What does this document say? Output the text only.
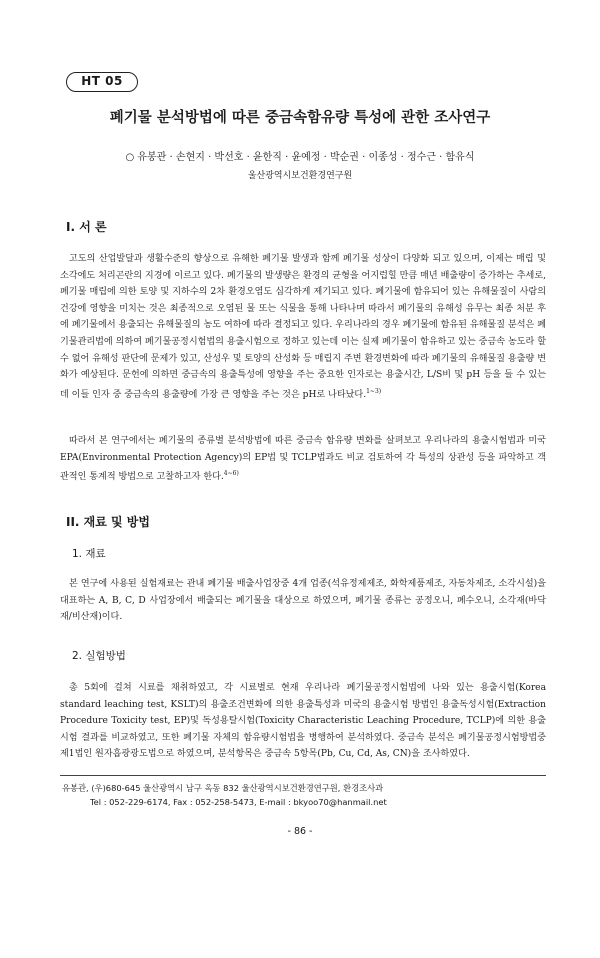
HT 05
폐기물 분석방법에 따른 중금속함유량 특성에 관한 조사연구
○ 유봉관 · 손현지 · 박선호 · 윤한직 · 윤예정 · 박순권 · 이종성 · 정수근 · 함유식
울산광역시보건환경연구원
I. 서 론

고도의 산업발달과 생활수준의 향상으로 유해한 폐기물 발생과 함께 폐기물 성상이 다양화 되고 있으며, 이제는 매립 및 소각에도 처리곤란의 지경에 이르고 있다. 폐기물의 발생량은 환경의 균형을 어지럽힐 만큼 매년 배출량이 증가하는 추세로, 폐기물 매립에 의한 토양 및 지하수의 2차 환경오염도 심각하게 제기되고 있다. 폐기물에 함유되어 있는 유해물질이 사람의 건강에 영향을 미치는 것은 최종적으로 오염된 물 또는 식물을 통해 나타나며 따라서 폐기물의 유해성 유무는 최종 처분 후에 폐기물에서 용출되는 유해물질의 농도 여하에 따라 결정되고 있다. 우리나라의 경우 폐기물에 함유된 유해물질 분석은 폐기물관리법에 의하여 폐기물공정시험법의 용출시험으로 정하고 있는데 이는 실제 폐기물이 함유하고 있는 중금속 농도라 할 수 없어 유해성 판단에 문제가 있고, 산성우 및 토양의 산성화 등 매립지 주변 환경변화에 따라 폐기물의 유해물질 용출량 변화가 예상된다. 문헌에 의하면 중금속의 용출특성에 영향을 주는 중요한 인자로는 용출시간, L/S비 및 pH 등을 들 수 있는데 이들 인자 중 중금속의 용출량에 가장 큰 영향을 주는 것은 pH로 나타났다.$^{1\sim 3)}$

따라서 본 연구에서는 폐기물의 종류별 분석방법에 따른 중금속 함유량 변화를 살펴보고 우리나라의 용출시험법과 미국 EPA(Environmental Protection Agency)의 EP법 및 TCLP법과도 비교 검토하여 각 특성의 상관성 등을 파악하고 객관적인 통계적 방법으로 고찰하고자 한다.$^{4\sim 6)}$

II. 재료 및 방법
1. 재료

본 연구에 사용된 실험재료는 관내 폐기물 배출사업장중 4개 업종(석유정제제조, 화학제품제조, 자동차제조, 소각시설)을 대표하는 A, B, C, D 사업장에서 배출되는 폐기물을 대상으로 하였으며, 폐기물 종류는 공정오니, 폐수오니, 소각재(바닥재/비산재)이다.

2. 실험방법

총 5회에 걸쳐 시료를 채취하였고, 각 시료별로 현재 우리나라 폐기물공정시험법에 나와 있는 용출시험(Korea standard leaching test, KSLT)의 용출조건변화에 의한 용출특성과 미국의 용출시험 방법인 용출독성시험(Extraction Procedure Toxicity test, EP)및 독성용탈시험(Toxicity Characteristic Leaching Procedure, TCLP)에 의한 용출시험 결과를 비교하였고, 또한 폐기물 자체의 함유량시험법을 병행하여 분석하였다. 중금속 분석은 폐기물공정시험방법중 제1법인 원자흡광광도법으로 하였으며, 분석항목은 중금속 5항목(Pb, Cu, Cd, As, CN)을 조사하였다.

유봉관, (우)680-645 울산광역시 남구 옥동 832 울산광역시보건환경연구원, 환경조사과
Tel : 052-229-6174, Fax : 052-258-5473, E-mail : bkyoo70@hanmail.net
- 86 -
